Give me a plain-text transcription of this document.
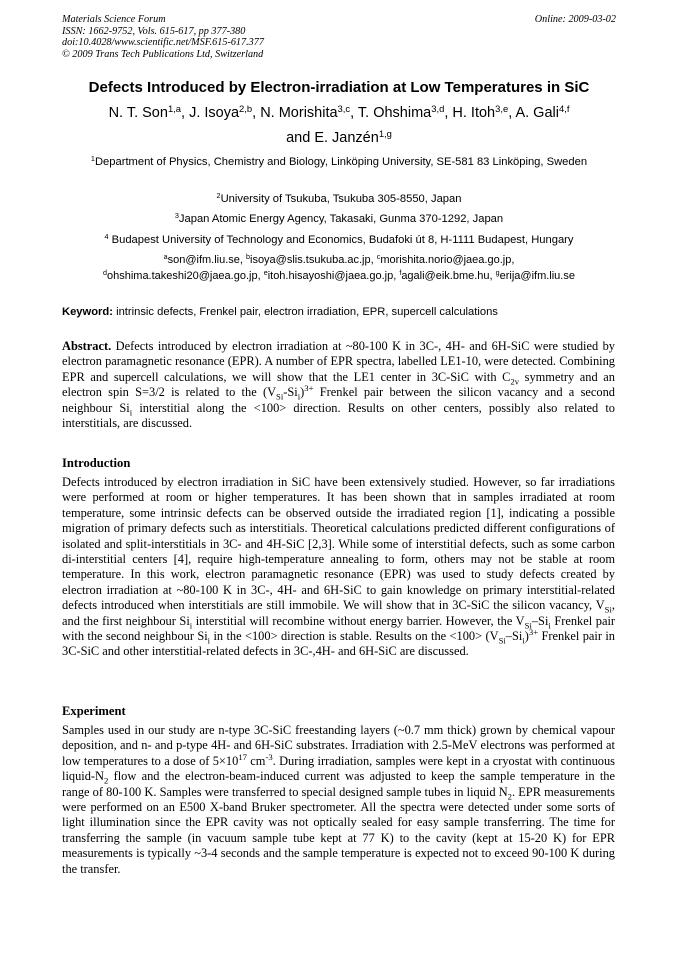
Materials Science Forum
ISSN: 1662-9752, Vols. 615-617, pp 377-380
doi:10.4028/www.scientific.net/MSF.615-617.377
© 2009 Trans Tech Publications Ltd, Switzerland
Online: 2009-03-02
Defects Introduced by Electron-irradiation at Low Temperatures in SiC
N. T. Son$^{1,a}$, J. Isoya$^{2,b}$, N. Morishita$^{3,c}$, T. Ohshima$^{3,d}$, H. Itoh$^{3,e}$, A. Gali$^{4,f}$
and E. Janzén$^{1,g}$
$^1$Department of Physics, Chemistry and Biology, Linköping University, SE-581 83 Linköping, Sweden
$^2$University of Tsukuba, Tsukuba 305-8550, Japan
$^3$Japan Atomic Energy Agency, Takasaki, Gunma 370-1292, Japan
$^4$ Budapest University of Technology and Economics, Budafoki út 8, H-1111 Budapest, Hungary
$^a$son@ifm.liu.se, $^b$isoya@slis.tsukuba.ac.jp, $^c$morishita.norio@jaea.go.jp,
$^d$ohshima.takeshi20@jaea.go.jp, $^e$itoh.hisayoshi@jaea.go.jp, $^f$agali@eik.bme.hu, $^g$erija@ifm.liu.se
Keyword: intrinsic defects, Frenkel pair, electron irradiation, EPR, supercell calculations
Abstract. Defects introduced by electron irradiation at ~80-100 K in 3C-, 4H- and 6H-SiC were studied by electron paramagnetic resonance (EPR). A number of EPR spectra, labelled LE1-10, were detected. Combining EPR and supercell calculations, we will show that the LE1 center in 3C-SiC with $C_{2v}$ symmetry and an electron spin S=3/2 is related to the $(V_{Si}-Si_i)^{3+}$ Frenkel pair between the silicon vacancy and a second neighbour $Si_i$ interstitial along the <100> direction. Results on other centers, possibly also related to interstitials, are discussed.
Introduction
Defects introduced by electron irradiation in SiC have been extensively studied. However, so far irradiations were performed at room or higher temperatures. It has been shown that in samples irradiated at room temperature, some intrinsic defects can be observed outside the irradiated region [1], indicating a possible migration of primary defects such as interstitials. Theoretical calculations predicted different configurations of isolated and split-interstitials in 3C- and 4H-SiC [2,3]. While some of interstitial defects, such as some carbon di-interstitial centers [4], require high-temperature annealing to form, others may not be stable at room temperature. In this work, electron paramagnetic resonance (EPR) was used to study defects created by electron irradiation at ~80-100 K in 3C-, 4H- and 6H-SiC to gain knowledge on primary interstitial-related defects introduced when interstitials are still immobile. We will show that in 3C-SiC the silicon vacancy, $V_{Si}$, and the first neighbour $Si_i$ interstitial will recombine without energy barrier. However, the $V_{Si}-Si_i$ Frenkel pair with the second neighbour $Si_i$ in the <100> direction is stable. Results on the $<100> (V_{Si}-Si_i)^{3+}$ Frenkel pair in 3C-SiC and other interstitial-related defects in 3C-,4H- and 6H-SiC are discussed.
Experiment
Samples used in our study are n-type 3C-SiC freestanding layers (~0.7 mm thick) grown by chemical vapour deposition, and n- and p-type 4H- and 6H-SiC substrates. Irradiation with 2.5-MeV electrons was performed at low temperatures to a dose of $5\times 10^{17}$ $cm^{-3}$. During irradiation, samples were kept in a cryostat with continuous liquid-$N_2$ flow and the electron-beam-induced current was adjusted to keep the sample temperature in the range of 80-100 K. Samples were transferred to special designed sample tubes in liquid $N_2$. EPR measurements were performed on an E500 X-band Bruker spectrometer. All the spectra were detected under some sorts of light illumination since the EPR cavity was not optically sealed for easy sample transferring. The time for transferring the sample (in vacuum sample tube kept at 77 K) to the cavity (kept at 15-20 K) for EPR measurements is typically ~3-4 seconds and the sample temperature is expected not to exceed 90-100 K during the transfer.
